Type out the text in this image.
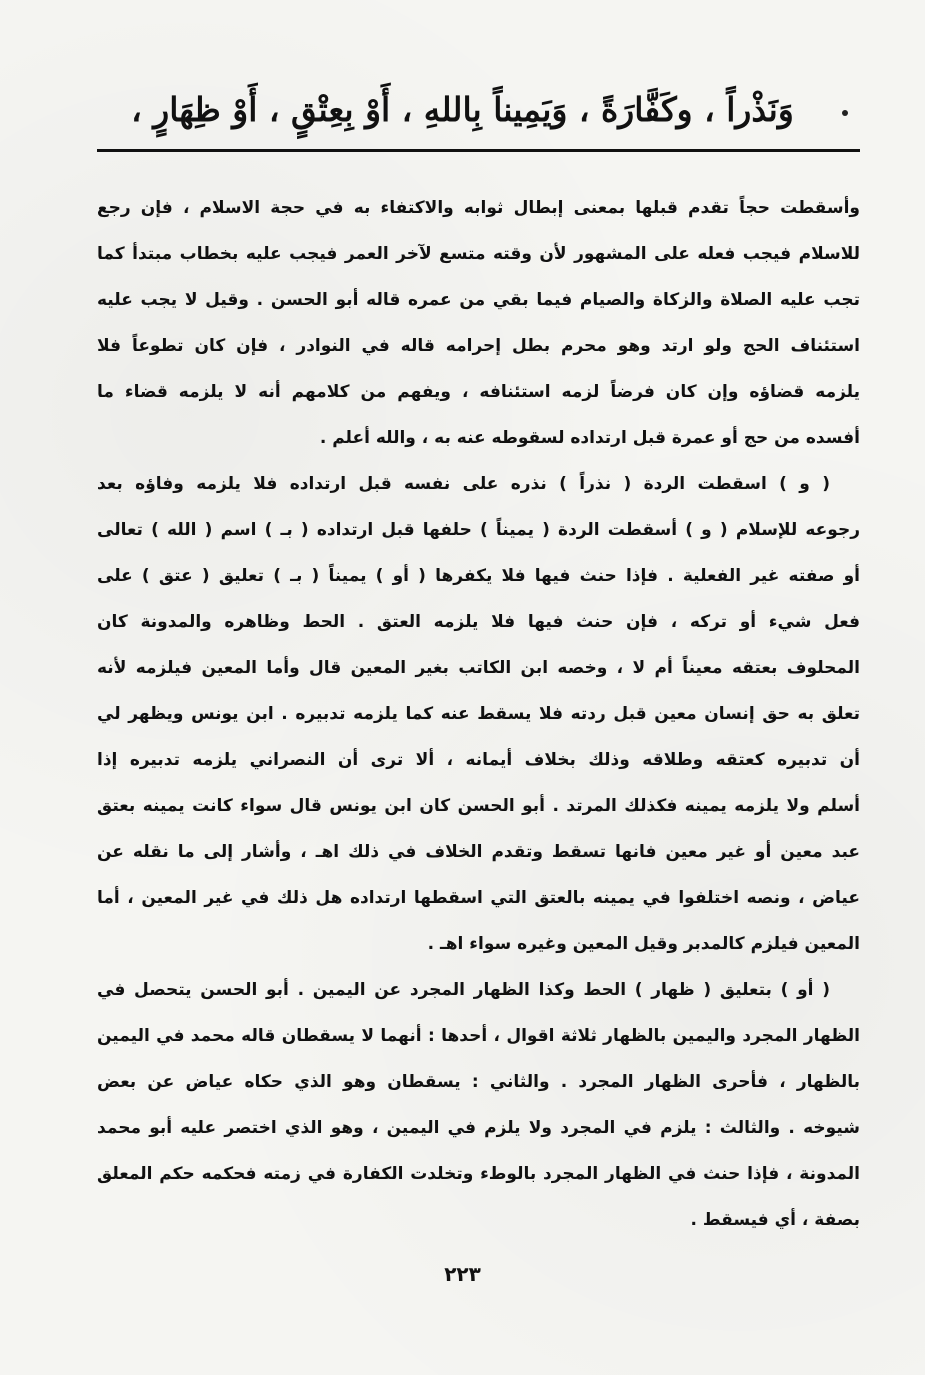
وَنَذْراً ، وكَفَّارَةً ، وَيَمِيناً بِاللهِ ، أَوْ بِعِتْقٍ ، أَوْ ظِهَارٍ ،
وأسقطت حجاً تقدم قبلها بمعنى إبطال ثوابه والاكتفاء به في حجة الاسلام ، فإن رجع
للاسلام فيجب فعله على المشهور لأن وقته متسع لآخر العمر فيجب عليه بخطاب مبتدأ كما
تجب عليه الصلاة والزكاة والصيام فيما بقي من عمره قاله أبو الحسن . وقيل لا يجب عليه
استئناف الحج ولو ارتد وهو محرم بطل إحرامه قاله في النوادر ، فإن كان تطوعاً فلا
يلزمه قضاؤه وإن كان فرضاً لزمه استئنافه ، ويفهم من كلامهم أنه لا يلزمه قضاء ما
أفسده من حج أو عمرة قبل ارتداده لسقوطه عنه به ، والله أعلم .
( و ) اسقطت الردة ( نذراً ) نذره على نفسه قبل ارتداده فلا يلزمه وفاؤه بعد
رجوعه للإسلام ( و ) أسقطت الردة ( يميناً ) حلفها قبل ارتداده ( بـ ) اسم ( الله ) تعالى
أو صفته غير الفعلية . فإذا حنث فيها فلا يكفرها ( أو ) يميناً ( بـ ) تعليق ( عتق ) على
فعل شيء أو تركه ، فإن حنث فيها فلا يلزمه العتق . الحط وظاهره والمدونة كان
المحلوف بعتقه معيناً أم لا ، وخصه ابن الكاتب بغير المعين قال وأما المعين فيلزمه لأنه
تعلق به حق إنسان معين قبل ردته فلا يسقط عنه كما يلزمه تدبيره . ابن يونس ويظهر لي
أن تدبيره كعتقه وطلاقه وذلك بخلاف أيمانه ، ألا ترى أن النصراني يلزمه تدبيره إذا
أسلم ولا يلزمه يمينه فكذلك المرتد . أبو الحسن كان ابن يونس قال سواء كانت يمينه بعتق
عبد معين أو غير معين فانها تسقط وتقدم الخلاف في ذلك اهـ ، وأشار إلى ما نقله عن
عياض ، ونصه اختلفوا في يمينه بالعتق التي اسقطها ارتداده هل ذلك في غير المعين ، أما
المعين فيلزم كالمدبر وقيل المعين وغيره سواء اهـ .
( أو ) بتعليق ( ظهار ) الحط وكذا الظهار المجرد عن اليمين . أبو الحسن يتحصل في
الظهار المجرد واليمين بالظهار ثلاثة اقوال ، أحدها : أنهما لا يسقطان قاله محمد في اليمين
بالظهار ، فأحرى الظهار المجرد . والثاني : يسقطان وهو الذي حكاه عياض عن بعض
شيوخه . والثالث : يلزم في المجرد ولا يلزم في اليمين ، وهو الذي اختصر عليه أبو محمد
المدونة ، فإذا حنث في الظهار المجرد بالوطء وتخلدت الكفارة في زمته فحكمه حكم المعلق
بصفة ، أي فيسقط .
٢٢٣
